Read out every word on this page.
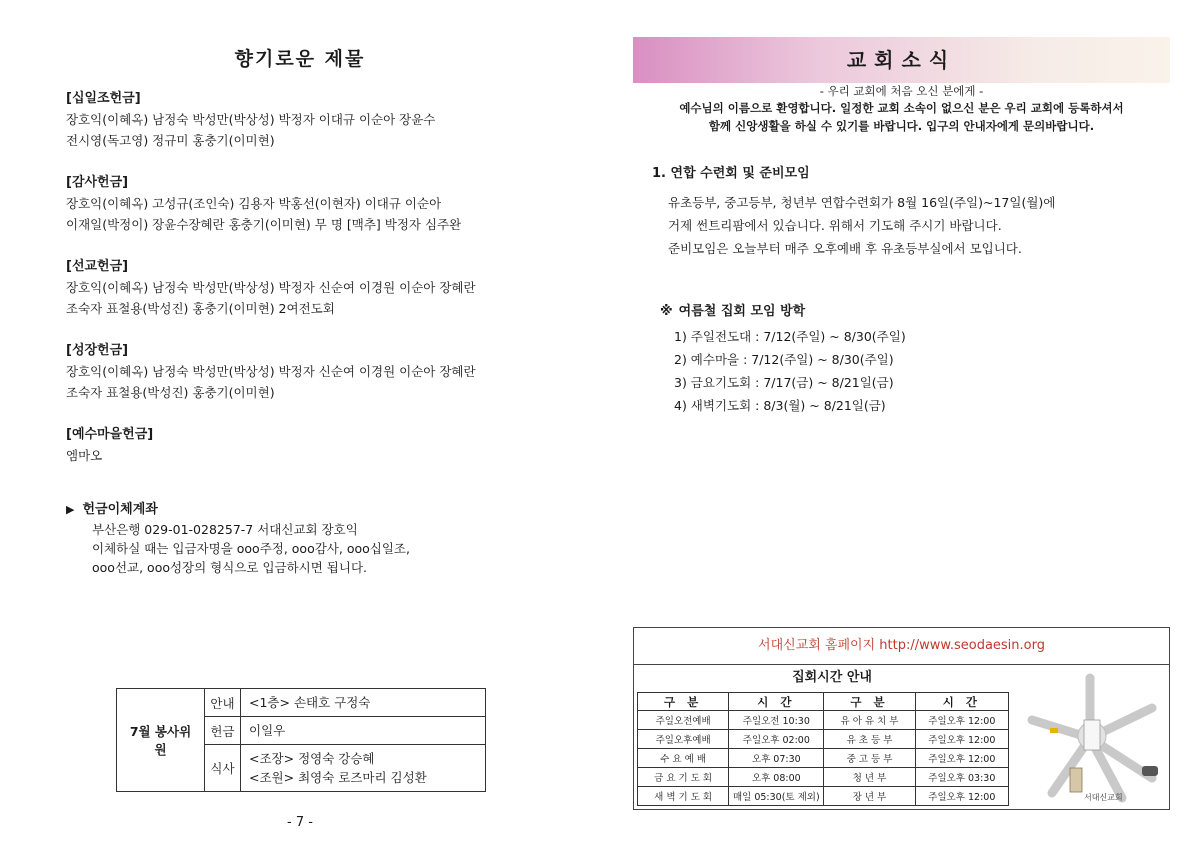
향기로운 제물
[십일조헌금]
장호익(이혜옥) 남정숙 박성만(박상성) 박정자 이대규 이순아 장윤수
전시영(독고영) 정규미 홍충기(이미현)
[감사헌금]
장호익(이혜옥) 고성규(조인숙) 김용자 박홍선(이현자) 이대규 이순아
이재일(박정이) 장윤수장혜란 홍충기(이미현) 무 명 [맥추] 박정자 심주완
[선교헌금]
장호익(이혜옥) 남정숙 박성만(박상성) 박정자 신순여 이경원 이순아 장혜란
조숙자 표철용(박성진) 홍충기(이미현) 2여전도회
[성장헌금]
장호익(이혜옥) 남정숙 박성만(박상성) 박정자 신순여 이경원 이순아 장혜란
조숙자 표철용(박성진) 홍충기(이미현)
[예수마을헌금]
엠마오
▶ 헌금이체계좌
부산은행 029-01-028257-7 서대신교회 장호익
이체하실 때는 입금자명을 ooo주정, ooo감사, ooo십일조,
ooo선교, ooo성장의 형식으로 입금하시면 됩니다.
7월 봉사위원	안내	<1층> 손태호 구정숙
	헌금	이일우
	식사	<조장> 정영숙 강승혜
<조원> 최영숙 로즈마리 김성환
- 7 -
교회소식
- 우리 교회에 처음 오신 분에게 -
예수님의 이름으로 환영합니다. 일정한 교회 소속이 없으신 분은 우리 교회에 등록하셔서
함께 신앙생활을 하실 수 있기를 바랍니다. 입구의 안내자에게 문의바랍니다.
1. 연합 수련회 및 준비모임
유초등부, 중고등부, 청년부 연합수련회가 8월 16일(주일)~17일(월)에
거제 썬트리팜에서 있습니다. 위해서 기도해 주시기 바랍니다.
준비모임은 오늘부터 매주 오후예배 후 유초등부실에서 모입니다.
※ 여름철 집회 모임 방학
1) 주일전도대 : 7/12(주일) ~ 8/30(주일)
2) 예수마을 : 7/12(주일) ~ 8/30(주일)
3) 금요기도회 : 7/17(금) ~ 8/21일(금)
4) 새벽기도회 : 8/3(월) ~ 8/21일(금)
서대신교회 홈페이지 http://www.seodaesin.org
집회시간 안내
구 분	시 간	구 분	시 간
주일오전예배	주일오전 10:30	유 아 유 치 부	주일오후 12:00
주일오후예배	주일오후 02:00	유 초 등 부	주일오후 12:00
수 요 예 배	오후 07:30	중 고 등 부	주일오후 12:00
금 요 기 도 회	오후 08:00	청 년 부	주일오후 03:30
새 벽 기 도 회	매일 05:30(토 제외)	장 년 부	주일오후 12:00	서대신교회
